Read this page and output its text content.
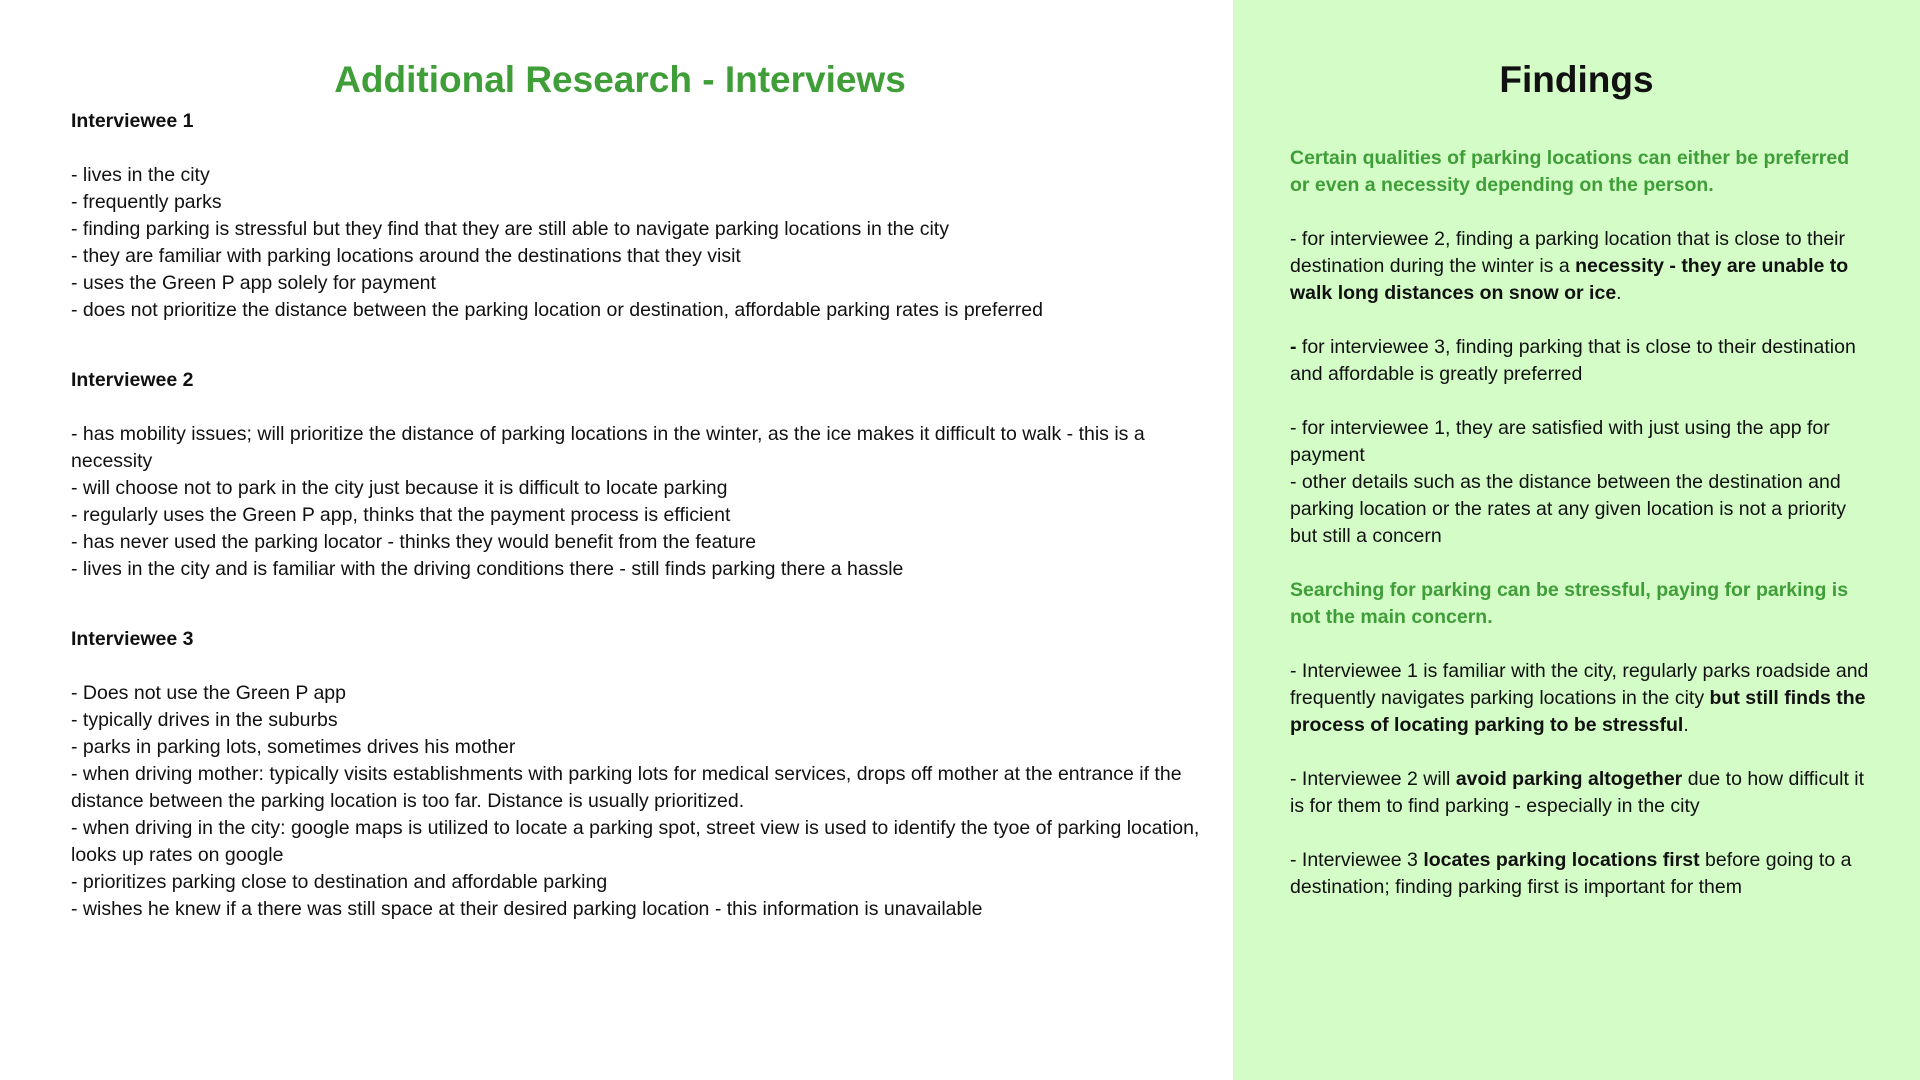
Additional Research - Interviews
Interviewee 1

- lives in the city

- frequently parks

- finding parking is stressful but they find that they are still able to navigate parking locations in the city

- they are familiar with parking locations around the destinations that they visit

- uses the Green P app solely for payment

- does not prioritize the distance between the parking location or destination, affordable parking rates is preferred

Interviewee 2

- has mobility issues; will prioritize the distance of parking locations in the winter, as the ice makes it difficult to walk - this is a necessity

- will choose not to park in the city just because it is difficult to locate parking

- regularly uses the Green P app, thinks that the payment process is efficient

- has never used the parking locator - thinks they would benefit from the feature

- lives in the city and is familiar with the driving conditions there - still finds parking there a hassle

Interviewee 3

- Does not use the Green P app

- typically drives in the suburbs

- parks in parking lots, sometimes drives his mother

- when driving mother: typically visits establishments with parking lots for medical services, drops off mother at the entrance if the distance between the parking location is too far. Distance is usually prioritized.

- when driving in the city: google maps is utilized to locate a parking spot, street view is used to identify the tyoe of parking location, looks up rates on google

- prioritizes parking close to destination and affordable parking

- wishes he knew if a there was still space at their desired parking location - this information is unavailable

Findings

Certain qualities of parking locations can either be preferred or even a necessity depending on the person.

- for interviewee 2, finding a parking location that is close to their destination during the winter is a necessity - they are unable to walk long distances on snow or ice.

- for interviewee 3, finding parking that is close to their destination and affordable is greatly preferred

- for interviewee 1, they are satisfied with just using the app for payment

- other details such as the distance between the destination and parking location or the rates at any given location is not a priority but still a concern

Searching for parking can be stressful, paying for parking is not the main concern.

- Interviewee 1 is familiar with the city, regularly parks roadside and frequently navigates parking locations in the city but still finds the process of locating parking to be stressful.

- Interviewee 2 will avoid parking altogether due to how difficult it is for them to find parking - especially in the city

- Interviewee 3 locates parking locations first before going to a destination; finding parking first is important for them
